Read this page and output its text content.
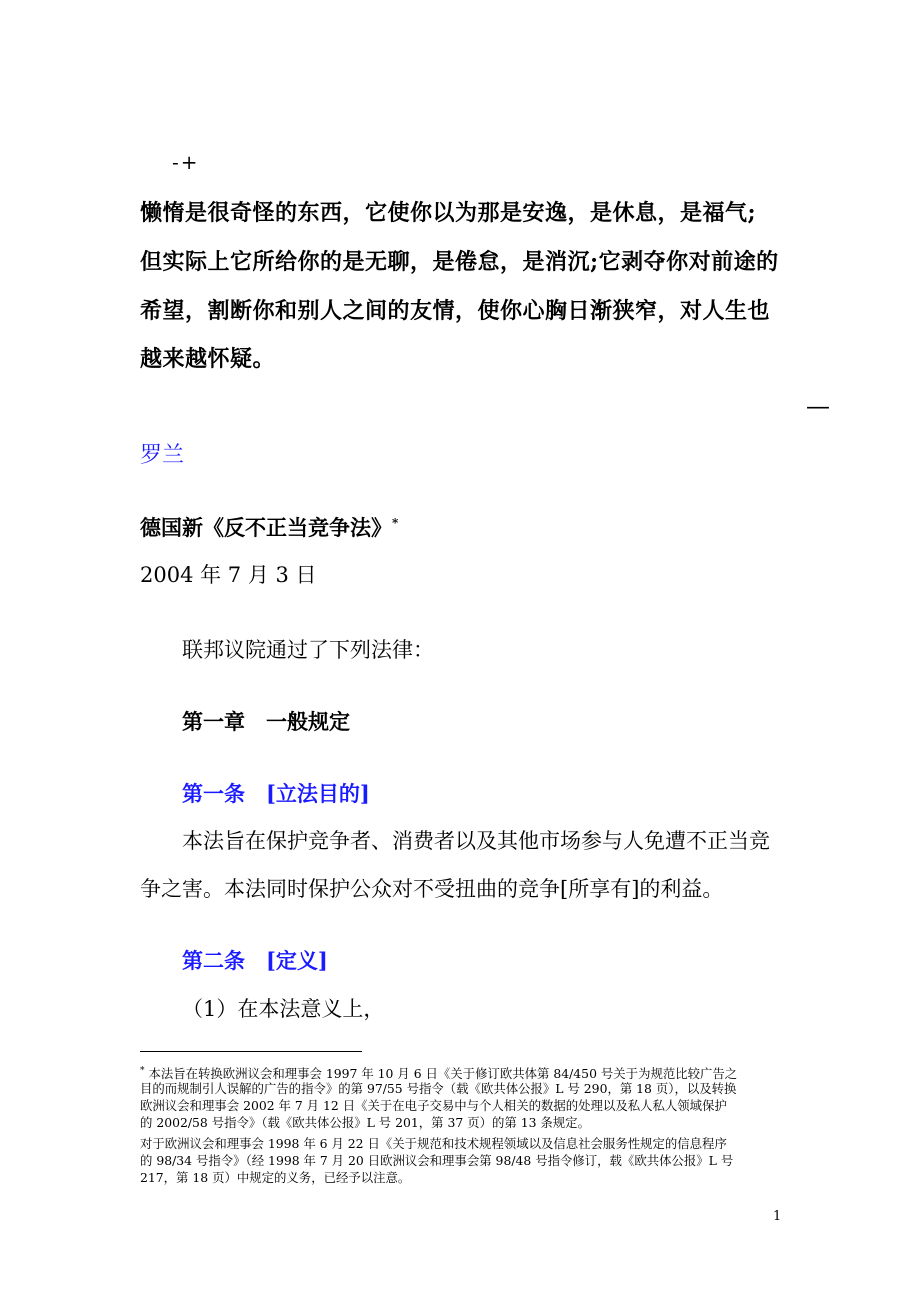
-+
懒惰是很奇怪的东西，它使你以为那是安逸，是休息，是福气;
但实际上它所给你的是无聊，是倦怠，是消沉;它剥夺你对前途的
希望，割断你和别人之间的友情，使你心胸日渐狭窄，对人生也
越来越怀疑。
—
罗兰
德国新《反不正当竞争法》*
2004 年 7 月 3 日
联邦议院通过了下列法律：
第一章　一般规定
第一条　[立法目的]
本法旨在保护竞争者、消费者以及其他市场参与人免遭不正当竞
争之害。本法同时保护公众对不受扭曲的竞争[所享有]的利益。
第二条　[定义]
（1）在本法意义上，
* 本法旨在转换欧洲议会和理事会 1997 年 10 月 6 日《关于修订欧共体第 84/450 号关于为规范比较广告之
目的而规制引人误解的广告的指令》的第 97/55 号指令（载《欧共体公报》L 号 290，第 18 页），以及转换
欧洲议会和理事会 2002 年 7 月 12 日《关于在电子交易中与个人相关的数据的处理以及私人私人领域保护
的 2002/58 号指令》（载《欧共体公报》L 号 201，第 37 页）的第 13 条规定。
对于欧洲议会和理事会 1998 年 6 月 22 日《关于规范和技术规程领域以及信息社会服务性规定的信息程序
的 98/34 号指令》（经 1998 年 7 月 20 日欧洲议会和理事会第 98/48 号指令修订，载《欧共体公报》L 号
217，第 18 页）中规定的义务，已经予以注意。
1
